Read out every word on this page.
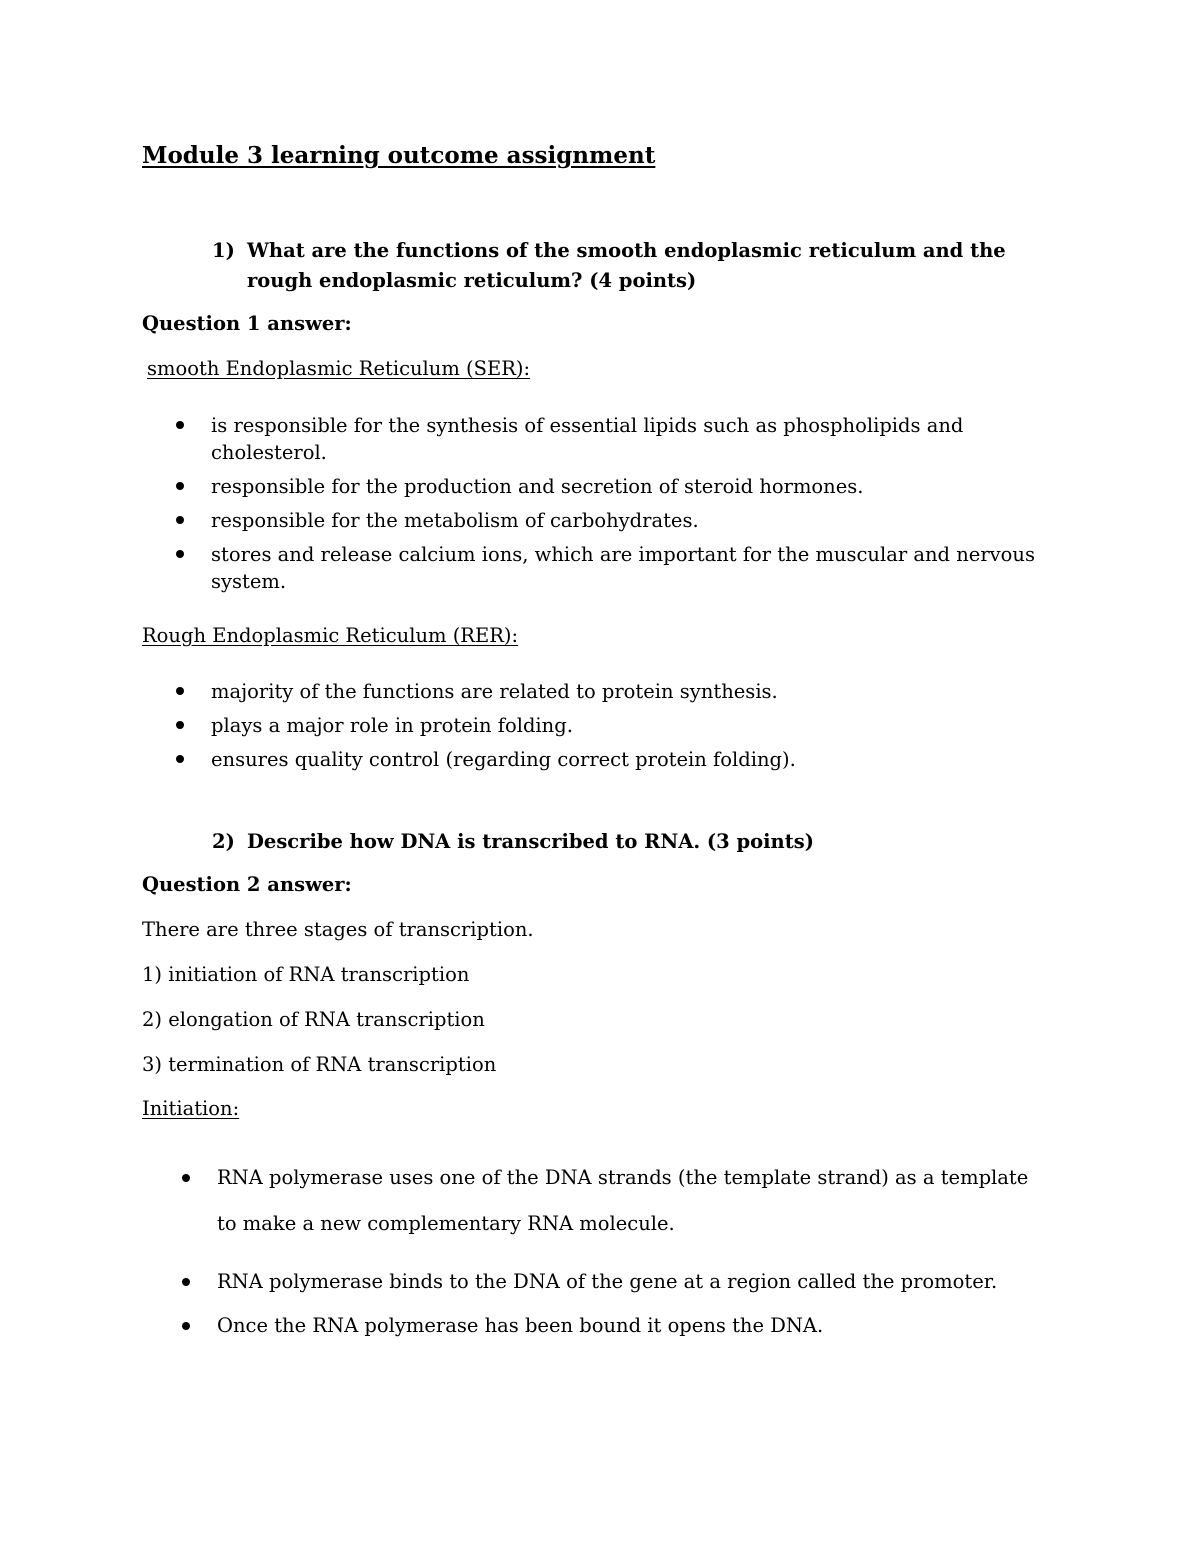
Module 3 learning outcome assignment
1) What are the functions of the smooth endoplasmic reticulum and the rough endoplasmic reticulum? (4 points)
Question 1 answer:
smooth Endoplasmic Reticulum (SER):
is responsible for the synthesis of essential lipids such as phospholipids and cholesterol.
responsible for the production and secretion of steroid hormones.
responsible for the metabolism of carbohydrates.
stores and release calcium ions, which are important for the muscular and nervous system.
Rough Endoplasmic Reticulum (RER):
majority of the functions are related to protein synthesis.
plays a major role in protein folding.
ensures quality control (regarding correct protein folding).
2) Describe how DNA is transcribed to RNA. (3 points)
Question 2 answer:
There are three stages of transcription.
1) initiation of RNA transcription
2) elongation of RNA transcription
3) termination of RNA transcription
Initiation:
RNA polymerase uses one of the DNA strands (the template strand) as a template to make a new complementary RNA molecule.
RNA polymerase binds to the DNA of the gene at a region called the promoter.
Once the RNA polymerase has been bound it opens the DNA.
